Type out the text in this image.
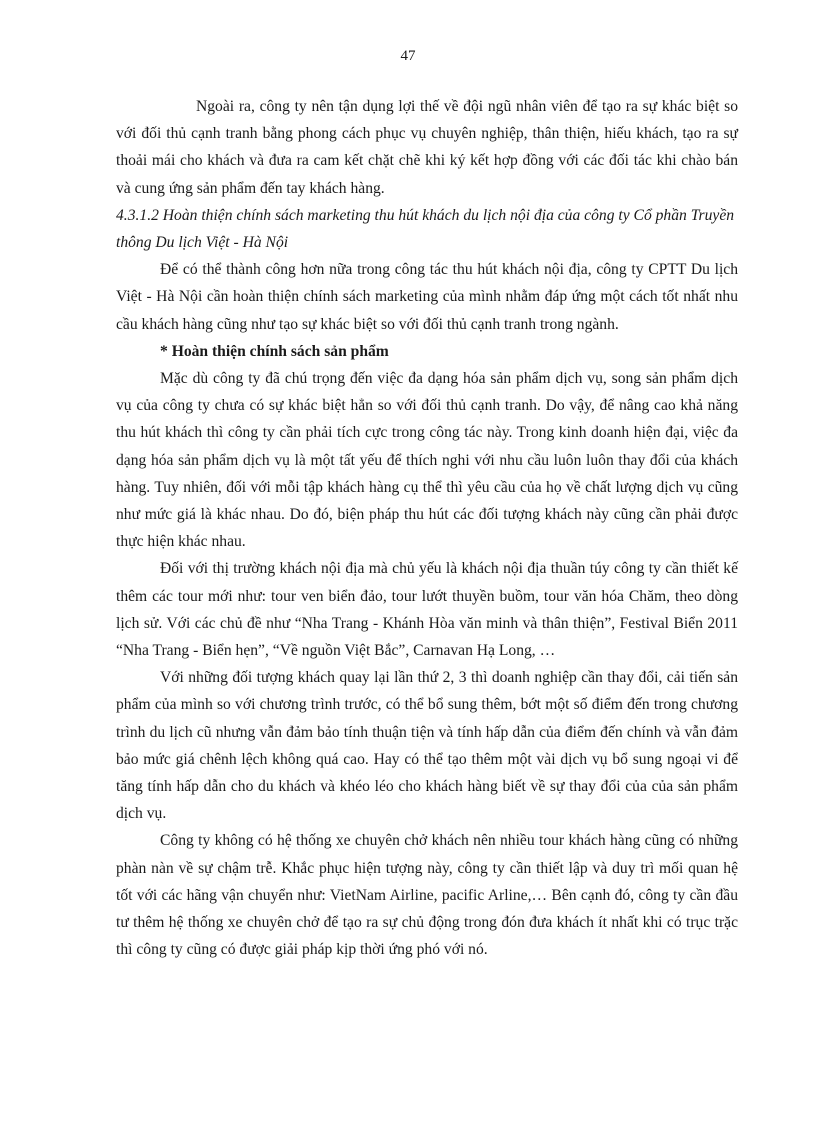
47

Ngoài ra, công ty nên tận dụng lợi thế về đội ngũ nhân viên để tạo ra sự khác biệt so với đối thủ cạnh tranh bằng phong cách phục vụ chuyên nghiệp, thân thiện, hiếu khách, tạo ra sự thoải mái cho khách và đưa ra cam kết chặt chẽ khi ký kết hợp đồng với các đối tác khi chào bán và cung ứng sản phẩm đến tay khách hàng.

4.3.1.2 Hoàn thiện chính sách marketing thu hút khách du lịch nội địa của công ty Cổ phần Truyền thông Du lịch Việt - Hà Nội

Để có thể thành công hơn nữa trong công tác thu hút khách nội địa, công ty CPTT Du lịch Việt - Hà Nội cần hoàn thiện chính sách marketing của mình nhằm đáp ứng một cách tốt nhất nhu cầu khách hàng cũng như tạo sự khác biệt so với đối thủ cạnh tranh trong ngành.

* Hoàn thiện chính sách sản phẩm

Mặc dù công ty đã chú trọng đến việc đa dạng hóa sản phẩm dịch vụ, song sản phẩm dịch vụ của công ty chưa có sự khác biệt hẳn so với đối thủ cạnh tranh. Do vậy, để nâng cao khả năng thu hút khách thì công ty cần phải tích cực trong công tác này. Trong kinh doanh hiện đại, việc đa dạng hóa sản phẩm dịch vụ là một tất yếu để thích nghi với nhu cầu luôn luôn thay đổi của khách hàng. Tuy nhiên, đối với mỗi tập khách hàng cụ thể thì yêu cầu của họ về chất lượng dịch vụ cũng như mức giá là khác nhau. Do đó, biện pháp thu hút các đối tượng khách này cũng cần phải được thực hiện khác nhau.

Đối với thị trường khách nội địa mà chủ yếu là khách nội địa thuần túy công ty cần thiết kế thêm các tour mới như: tour ven biển đảo, tour lướt thuyền buồm, tour văn hóa Chăm, theo dòng lịch sử. Với các chủ đề như “Nha Trang - Khánh Hòa văn minh và thân thiện”, Festival Biển 2011 “Nha Trang - Biển hẹn”, “Về nguồn Việt Bắc”, Carnavan Hạ Long, …

Với những đối tượng khách quay lại lần thứ 2, 3 thì doanh nghiệp cần thay đổi, cải tiến sản phẩm của mình so với chương trình trước, có thể bổ sung thêm, bớt một số điểm đến trong chương trình du lịch cũ nhưng vẫn đảm bảo tính thuận tiện và tính hấp dẫn của điểm đến chính và vẫn đảm bảo mức giá chênh lệch không quá cao. Hay có thể tạo thêm một vài dịch vụ bổ sung ngoại vi để tăng tính hấp dẫn cho du khách và khéo léo cho khách hàng biết về sự thay đổi của của sản phẩm dịch vụ.

Công ty không có hệ thống xe chuyên chở khách nên nhiều tour khách hàng cũng có những phàn nàn về sự chậm trễ. Khắc phục hiện tượng này, công ty cần thiết lập và duy trì mối quan hệ tốt với các hãng vận chuyển như: VietNam Airline, pacific Arline,… Bên cạnh đó, công ty cần đầu tư thêm hệ thống xe chuyên chở để tạo ra sự chủ động trong đón đưa khách ít nhất khi có trục trặc thì công ty cũng có được giải pháp kịp thời ứng phó với nó.
